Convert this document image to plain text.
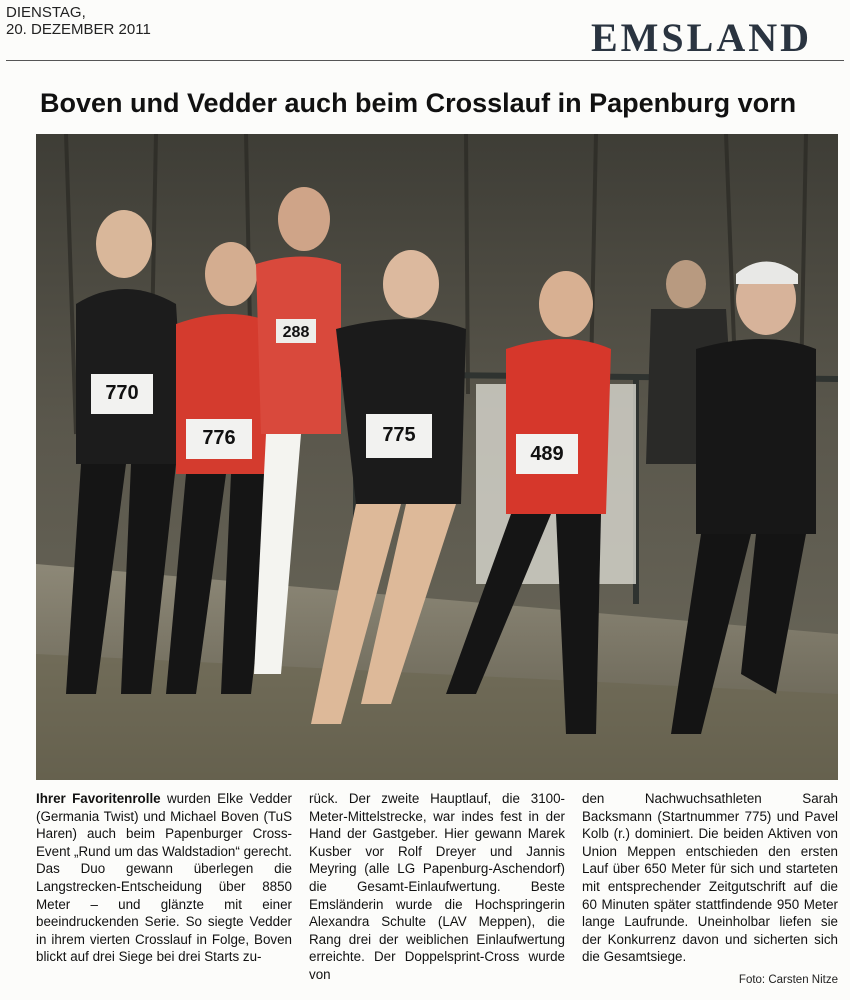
DIENSTAG,
20. DEZEMBER 2011	EMSLAND
Boven und Vedder auch beim Crosslauf in Papenburg vorn
770
776
288
775
489
Ihrer Favoritenrolle wurden Elke Vedder (Germania Twist) und Michael Boven (TuS Haren) auch beim Papenburger Cross-Event „Rund um das Waldstadion“ gerecht. Das Duo gewann überlegen die Langstrecken-Entscheidung über 8850 Meter – und glänzte mit einer beeindruckenden Serie. So siegte Vedder in ihrem vierten Crosslauf in Folge, Boven blickt auf drei Siege bei drei Starts zu-
rück. Der zweite Hauptlauf, die 3100-Meter-Mittelstrecke, war indes fest in der Hand der Gastgeber. Hier gewann Marek Kusber vor Rolf Dreyer und Jannis Meyring (alle LG Papenburg-Aschendorf) die Gesamt-Einlaufwertung. Beste Emsländerin wurde die Hochspringerin Alexandra Schulte (LAV Meppen), die Rang drei der weiblichen Einlaufwertung erreichte. Der Doppelsprint-Cross wurde von
den Nachwuchsathleten Sarah Backsmann (Startnummer 775) und Pavel Kolb (r.) dominiert. Die beiden Aktiven von Union Meppen entschieden den ersten Lauf über 650 Meter für sich und starteten mit entsprechender Zeitgutschrift auf die 60 Minuten später stattfindende 950 Meter lange Laufrunde. Uneinholbar liefen sie der Konkurrenz davon und sicherten sich die Gesamtsiege.
Foto: Carsten Nitze
